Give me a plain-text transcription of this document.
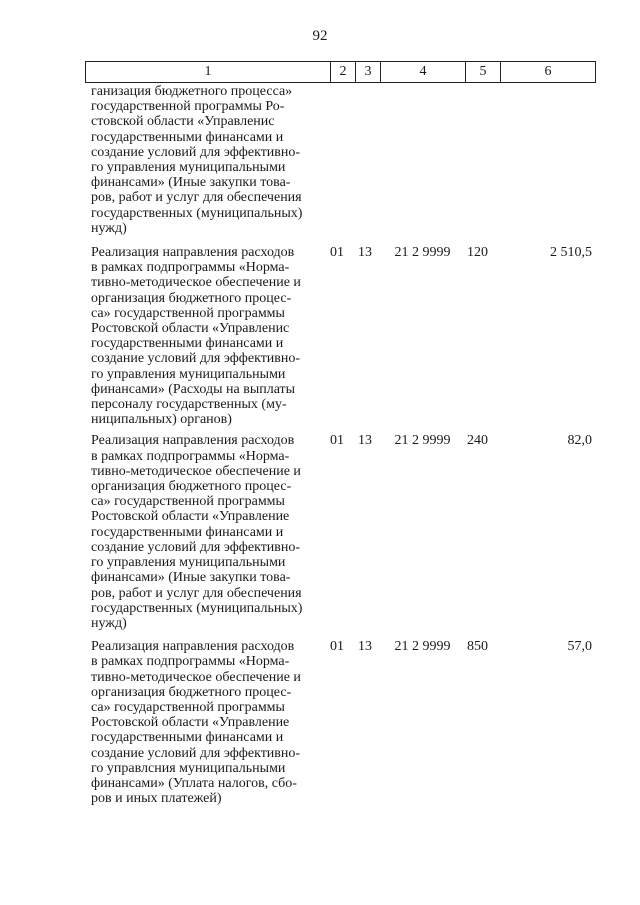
92
1	2	3	4	5	6
ганизация бюджетного процесса»
государственной программы Ро-
стовской области «Управленис
государственными финансами и
создание условий для эффективно-
го управления муниципальными
финансами» (Иные закупки това-
ров, работ и услуг для обеспечения
государственных (муниципальных)
нужд)
Реализация направления расходов
в рамках подпрограммы «Норма-
тивно-методическое обеспечение и
организация бюджетного процес-
са» государственной программы
Ростовской области «Управленис
государственными финансами и
создание условий для эффективно-
го управления муниципальными
финансами» (Расходы на выплаты
персоналу государственных (му-
ниципальных) органов)
01	13	21 2 9999	120	2 510,5
Реализация направления расходов
в рамках подпрограммы «Норма-
тивно-методическое обеспечение и
организация бюджетного процес-
са» государственной программы
Ростовской области «Управление
государственными финансами и
создание условий для эффективно-
го управления муниципальными
финансами» (Иные закупки това-
ров, работ и услуг для обеспечения
государственных (муниципальных)
нужд)
01	13	21 2 9999	240	82,0
Реализация направления расходов
в рамках подпрограммы «Норма-
тивно-методическое обеспечение и
организация бюджетного процес-
са» государственной программы
Ростовской области «Управление
государственными финансами и
создание условий для эффективно-
го управлсния муниципальными
финансами» (Уплата налогов, сбо-
ров и иных платежей)
01	13	21 2 9999	850	57,0
